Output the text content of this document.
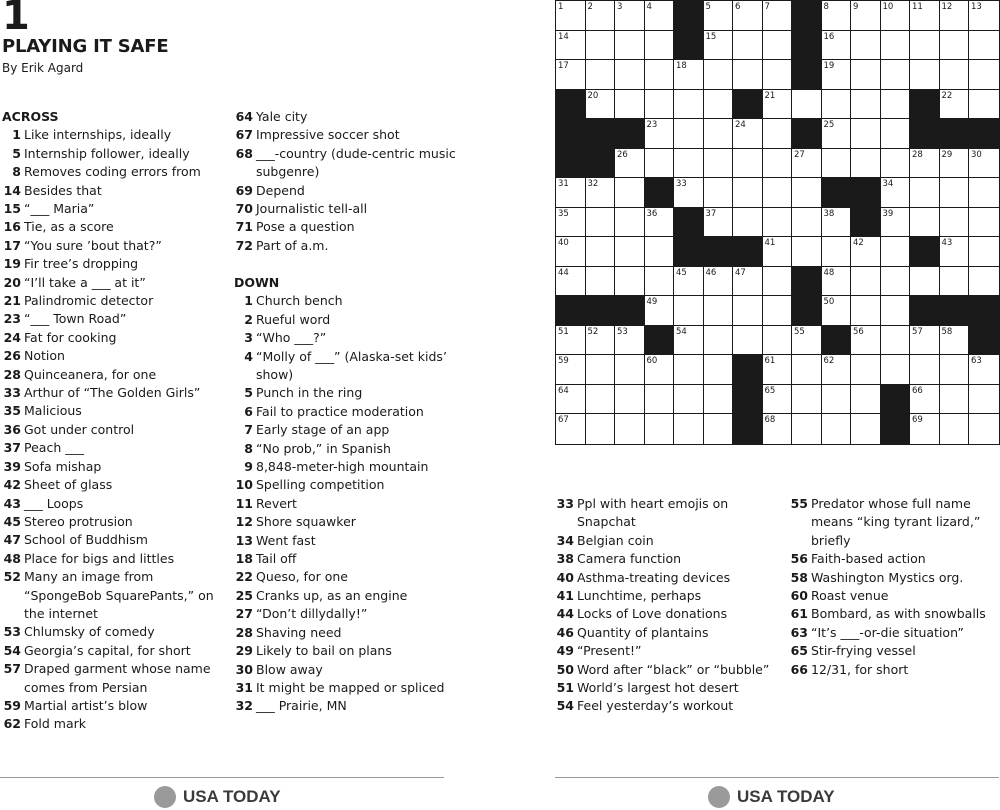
1
PLAYING IT SAFE
By Erik Agard
ACROSS
1 Like internships, ideally
5 Internship follower, ideally
8 Removes coding errors from
14 Besides that
15 “___ Maria”
16 Tie, as a score
17 “You sure ’bout that?”
19 Fir tree’s dropping
20 “I’ll take a ___ at it”
21 Palindromic detector
23 “___ Town Road”
24 Fat for cooking
26 Notion
28 Quinceanera, for one
33 Arthur of “The Golden Girls”
35 Malicious
36 Got under control
37 Peach ___
39 Sofa mishap
42 Sheet of glass
43 ___ Loops
45 Stereo protrusion
47 School of Buddhism
48 Place for bigs and littles
52 Many an image from “SpongeBob SquarePants,” on the internet
53 Chlumsky of comedy
54 Georgia’s capital, for short
57 Draped garment whose name comes from Persian
59 Martial artist’s blow
62 Fold mark
64 Yale city
67 Impressive soccer shot
68 ___-country (dude-centric music subgenre)
69 Depend
70 Journalistic tell-all
71 Pose a question
72 Part of a.m.
DOWN
1 Church bench
2 Rueful word
3 “Who ___?”
4 “Molly of ___” (Alaska-set kids’ show)
5 Punch in the ring
6 Fail to practice moderation
7 Early stage of an app
8 “No prob,” in Spanish
9 8,848-meter-high mountain
10 Spelling competition
11 Revert
12 Shore squawker
13 Went fast
18 Tail off
22 Queso, for one
25 Cranks up, as an engine
27 “Don’t dillydally!”
28 Shaving need
29 Likely to bail on plans
30 Blow away
31 It might be mapped or spliced
32 ___ Prairie, MN
33 Ppl with heart emojis on Snapchat
34 Belgian coin
38 Camera function
40 Asthma-treating devices
41 Lunchtime, perhaps
44 Locks of Love donations
46 Quantity of plantains
49 “Present!”
50 Word after “black” or “bubble”
51 World’s largest hot desert
54 Feel yesterday’s workout
55 Predator whose full name means “king tyrant lizard,” briefly
56 Faith-based action
58 Washington Mystics org.
60 Roast venue
61 Bombard, as with snowballs
63 “It’s ___-or-die situation”
65 Stir-frying vessel
66 12/31, for short
1	2	3	4	5	6	7	8	9	10 11 12 13
14	15	16
17	18	19
20	21	22
23	24	25
26	27	28 29 30
31 32	33	34
35	36	37	38	39
40	41	42	43
44	45 46 47	48
49	50
51 52 53	54	55	56	57 58
59	60	61	62	63
64	65	66
67	68	69
USA TODAY	USA TODAY
